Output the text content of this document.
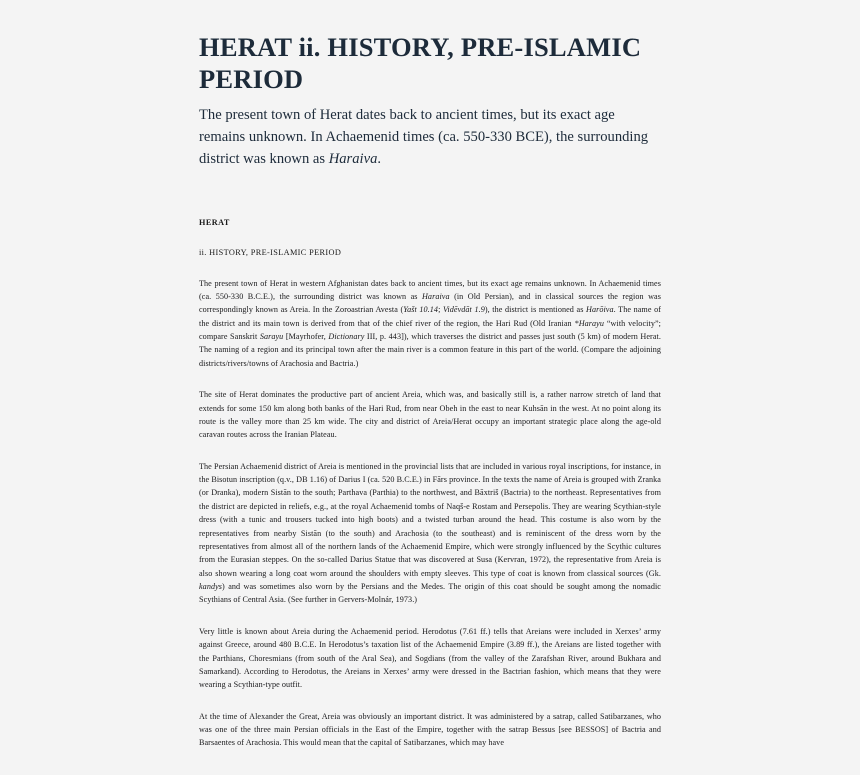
HERAT ii. HISTORY, PRE-ISLAMIC PERIOD

The present town of Herat dates back to ancient times, but its exact age remains unknown. In Achaemenid times (ca. 550-330 BCE), the surrounding district was known as Haraiva.

HERAT

ii. HISTORY, PRE-ISLAMIC PERIOD

The present town of Herat in western Afghanistan dates back to ancient times, but its exact age remains unknown. In Achaemenid times (ca. 550-330 B.C.E.), the surrounding district was known as Haraiva (in Old Persian), and in classical sources the region was correspondingly known as Areia. In the Zoroastrian Avesta (Yašt 10.14; Vidēvdāt 1.9), the district is mentioned as Harōiva. The name of the district and its main town is derived from that of the chief river of the region, the Hari Rud (Old Iranian *Harayu “with velocity”; compare Sanskrit Sarayu [Mayrhofer, Dictionary III, p. 443]), which traverses the district and passes just south (5 km) of modern Herat. The naming of a region and its principal town after the main river is a common feature in this part of the world. (Compare the adjoining districts/rivers/towns of Arachosia and Bactria.)

The site of Herat dominates the productive part of ancient Areia, which was, and basically still is, a rather narrow stretch of land that extends for some 150 km along both banks of the Hari Rud, from near Obeh in the east to near Kuhsān in the west. At no point along its route is the valley more than 25 km wide. The city and district of Areia/Herat occupy an important strategic place along the age-old caravan routes across the Iranian Plateau.

The Persian Achaemenid district of Areia is mentioned in the provincial lists that are included in various royal inscriptions, for instance, in the Bisotun inscription (q.v., DB 1.16) of Darius I (ca. 520 B.C.E.) in Fārs province. In the texts the name of Areia is grouped with Zranka (or Dranka), modern Sistān to the south; Parthava (Parthia) to the northwest, and Bāxtriš (Bactria) to the northeast. Representatives from the district are depicted in reliefs, e.g., at the royal Achaemenid tombs of Naqš-e Rostam and Persepolis. They are wearing Scythian-style dress (with a tunic and trousers tucked into high boots) and a twisted turban around the head. This costume is also worn by the representatives from nearby Sistān (to the south) and Arachosia (to the southeast) and is reminiscent of the dress worn by the representatives from almost all of the northern lands of the Achaemenid Empire, which were strongly influenced by the Scythic cultures from the Eurasian steppes. On the so-called Darius Statue that was discovered at Susa (Kervran, 1972), the representative from Areia is also shown wearing a long coat worn around the shoulders with empty sleeves. This type of coat is known from classical sources (Gk. kandys) and was sometimes also worn by the Persians and the Medes. The origin of this coat should be sought among the nomadic Scythians of Central Asia. (See further in Gervers-Molnár, 1973.)

Very little is known about Areia during the Achaemenid period. Herodotus (7.61 ff.) tells that Areians were included in Xerxes’ army against Greece, around 480 B.C.E. In Herodotus’s taxation list of the Achaemenid Empire (3.89 ff.), the Areians are listed together with the Parthians, Choresmians (from south of the Aral Sea), and Sogdians (from the valley of the Zarafshan River, around Bukhara and Samarkand). According to Herodotus, the Areians in Xerxes’ army were dressed in the Bactrian fashion, which means that they were wearing a Scythian-type outfit.

At the time of Alexander the Great, Areia was obviously an important district. It was administered by a satrap, called Satibarzanes, who was one of the three main Persian officials in the East of the Empire, together with the satrap Bessus [see BESSOS] of Bactria and Barsaentes of Arachosia. This would mean that the capital of Satibarzanes, which may have
